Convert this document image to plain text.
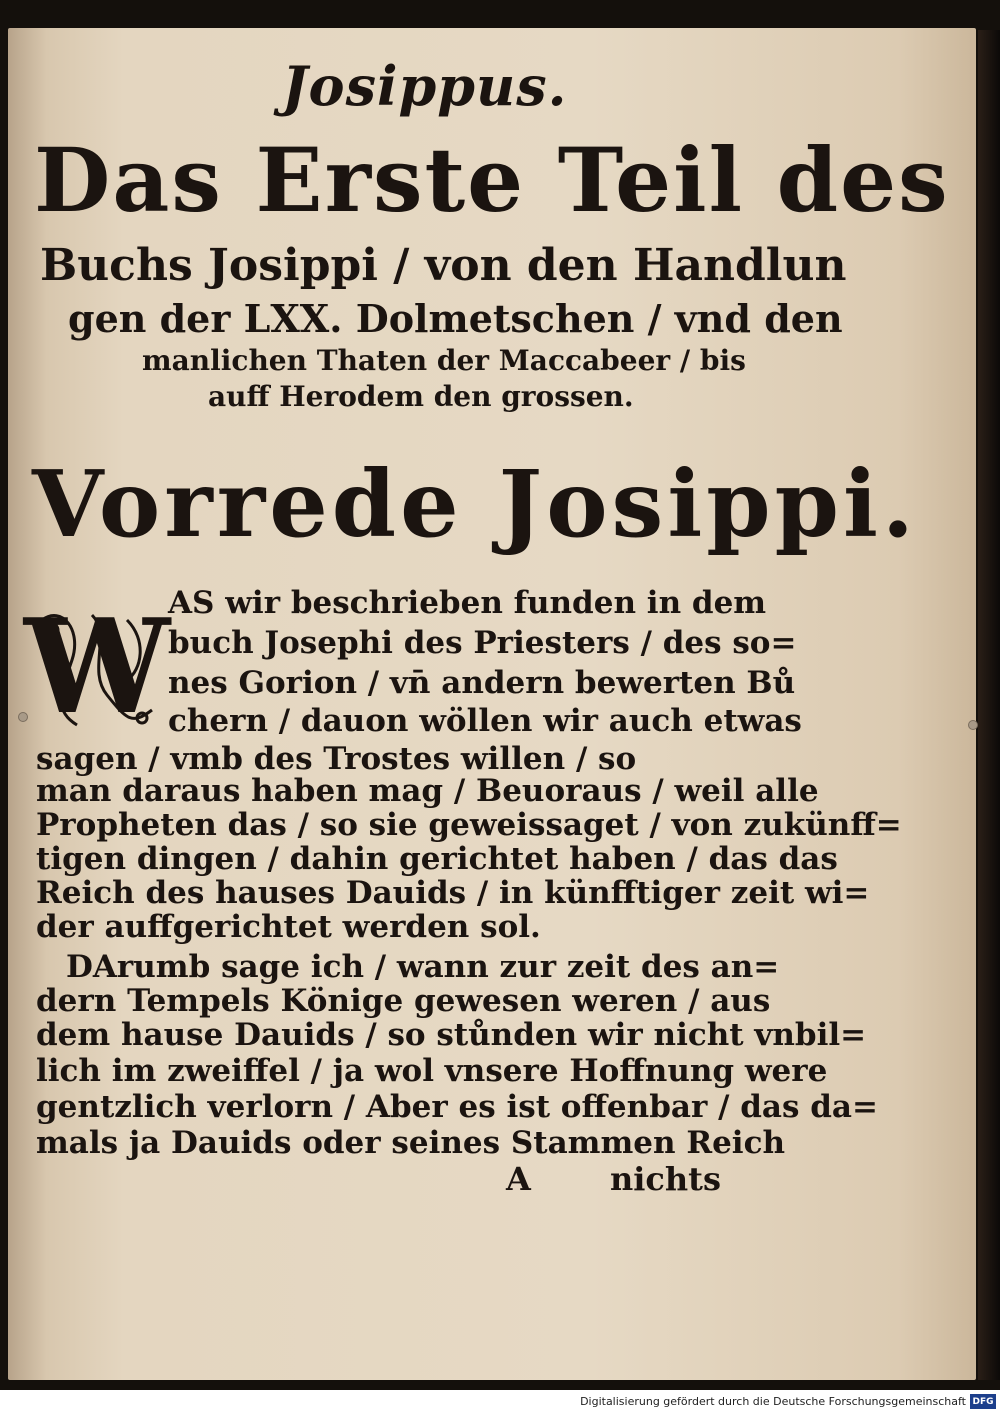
Josippus.
Das Erste Teil des
Buchs Josippi / von den Handlun
gen der LXX. Dolmetschen / vnd den
manlichen Thaten der Maccabeer / bis
auff Herodem den grossen.
Vorrede Josippi.
W
AS wir beschrieben funden in dem
buch Josephi des Priesters / des so=
nes Gorion / vn̄ andern bewerten Bů
chern / dauon wöllen wir auch etwas
sagen / vmb des Trostes willen / so
man daraus haben mag / Beuoraus / weil alle
Propheten das / so sie geweissaget / von zukünff=
tigen dingen / dahin gerichtet haben / das das
Reich des hauses Dauids / in künfftiger zeit wi=
der auffgerichtet werden sol.
DArumb sage ich / wann zur zeit des an=
dern Tempels Könige gewesen weren / aus
dem hause Dauids / so stůnden wir nicht vnbil=
lich im zweiffel / ja wol vnsere Hoffnung were
gentzlich verlorn / Aber es ist offenbar / das da=
mals ja Dauids oder seines Stammen Reich
A nichts
Digitalisierung gefördert durch die Deutsche Forschungsgemeinschaft DFG
